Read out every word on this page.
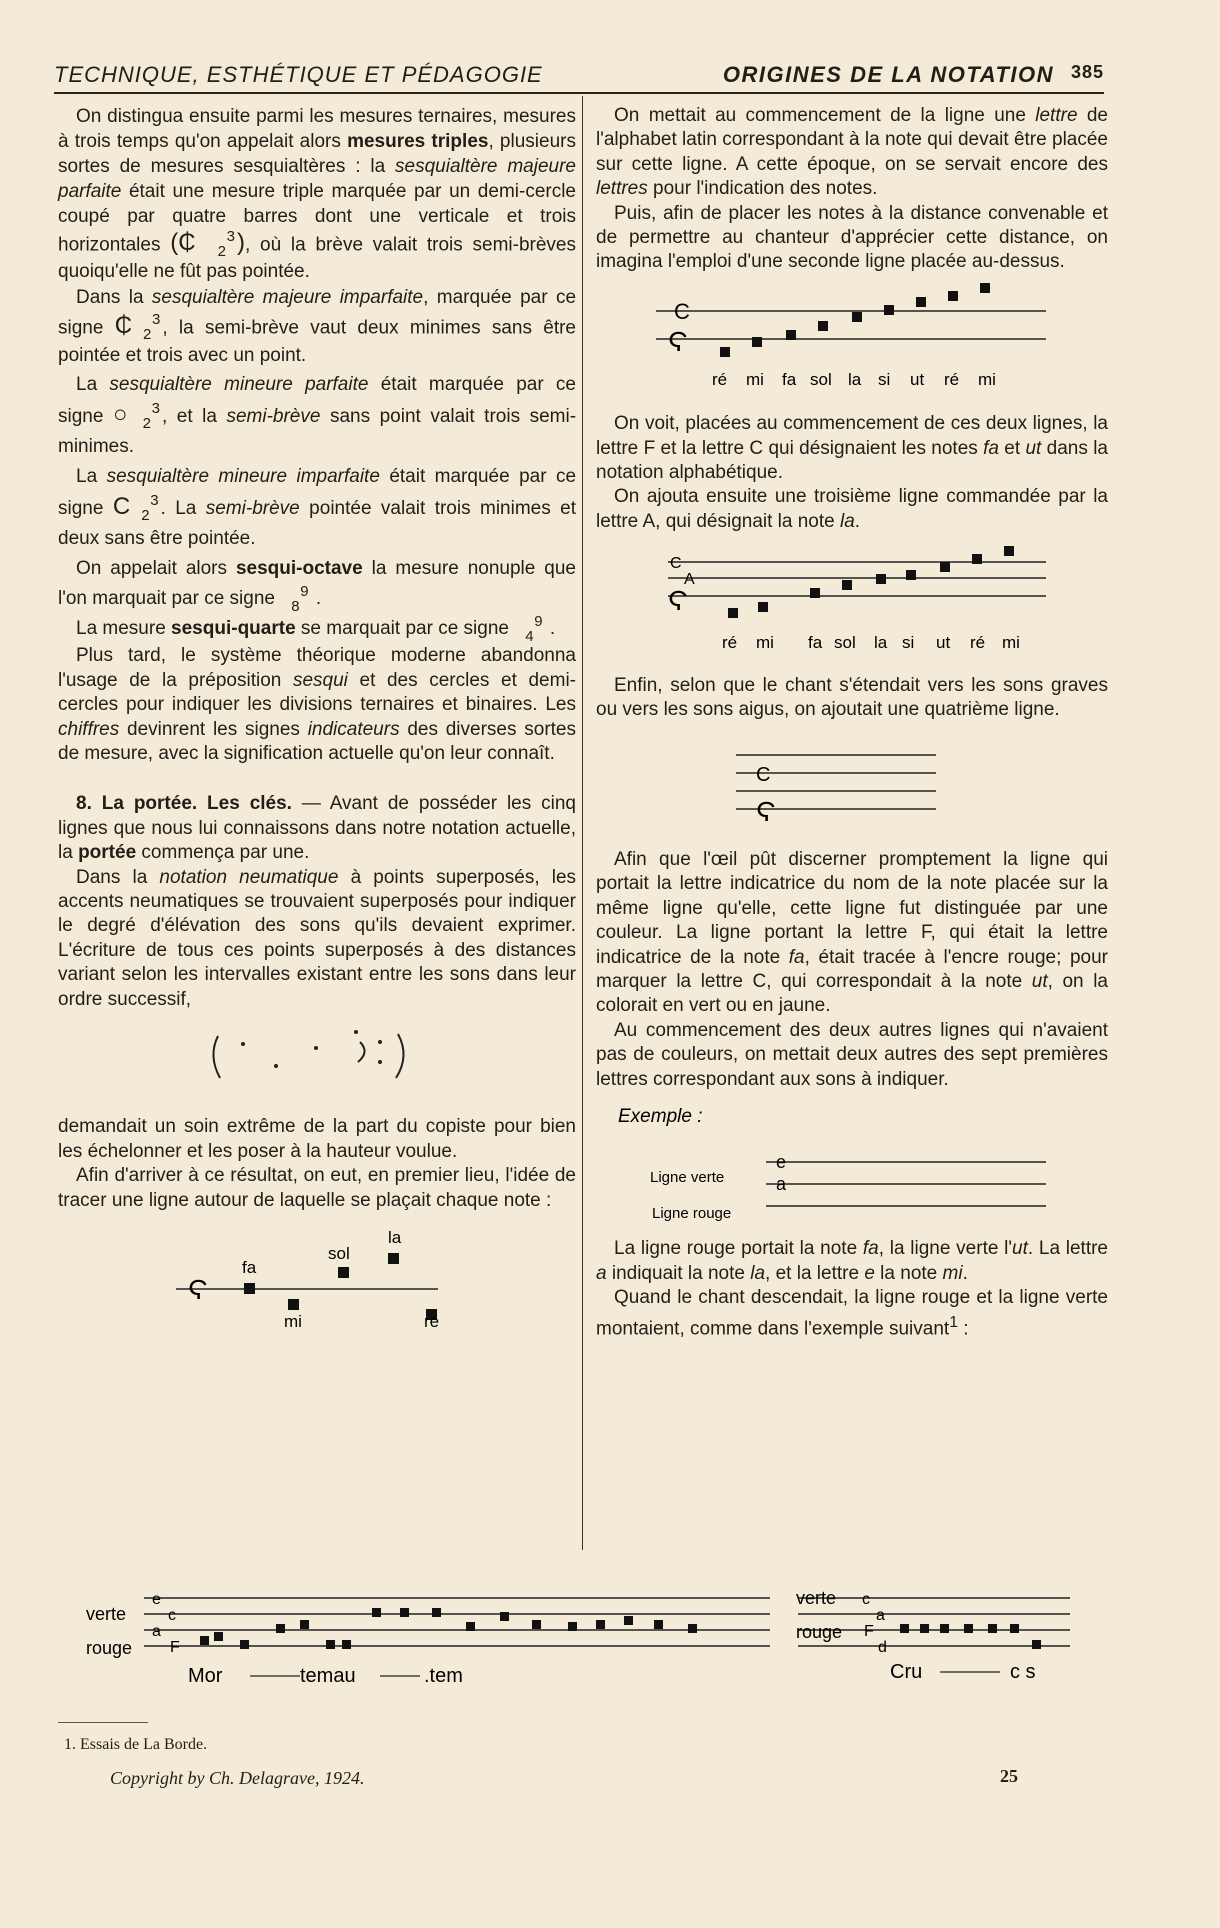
TECHNIQUE, ESTHÉTIQUE ET PÉDAGOGIE	ORIGINES DE LA NOTATION 385

On distingua ensuite parmi les mesures ternaires, mesures à trois temps qu'on appelait alors mesures triples, plusieurs sortes de mesures sesquialtères : la sesquialtère majeure parfaite était une mesure triple marquée par un demi-cercle coupé par quatre barres dont une verticale et trois horizontales (₵ 3
2 ), où la brève valait trois semi-brèves quoiqu'elle ne fût pas pointée.

Dans la sesquialtère majeure imparfaite, marquée par ce signe ₵ 3
2 , la semi-brève vaut deux minimes sans être pointée et trois avec un point.

La sesquialtère mineure parfaite était marquée par ce signe ○ 3
2 , et la semi-brève sans point valait trois semi-minimes.

La sesquialtère mineure imparfaite était marquée par ce signe C 3
2 . La semi-brève pointée valait trois minimes et deux sans être pointée.

On appelait alors sesqui-octave la mesure nonuple que l'on marquait par ce signe 9
8 .

La mesure sesqui-quarte se marquait par ce signe 9
4 .

Plus tard, le système théorique moderne abandonna l'usage de la préposition sesqui et des cercles et demi-cercles pour indiquer les divisions ternaires et binaires. Les chiffres devinrent les signes indicateurs des diverses sortes de mesure, avec la signification actuelle qu'on leur connaît.

8. La portée. Les clés. — Avant de posséder les cinq lignes que nous lui connaissons dans notre notation actuelle, la portée commença par une.

Dans la notation neumatique à points superposés, les accents neumatiques se trouvaient superposés pour indiquer le degré d'élévation des sons qu'ils devaient exprimer. L'écriture de tous ces points superposés à des distances variant selon les intervalles existant entre les sons dans leur ordre successif,

demandait un soin extrême de la part du copiste pour bien les échelonner et les poser à la hauteur voulue.

Afin d'arriver à ce résultat, on eut, en premier lieu, l'idée de tracer une ligne autour de laquelle se plaçait chaque note :

Ϛ
fa
mi
sol
la
ré

On mettait au commencement de la ligne une lettre de l'alphabet latin correspondant à la note qui devait être placée sur cette ligne. A cette époque, on se servait encore des lettres pour l'indication des notes.

Puis, afin de placer les notes à la distance convenable et de permettre au chanteur d'apprécier cette distance, on imagina l'emploi d'une seconde ligne placée au-dessus.

C
Ϛ
ré mi fa sol la si ut ré mi

On voit, placées au commencement de ces deux lignes, la lettre F et la lettre C qui désignaient les notes fa et ut dans la notation alphabétique.

On ajouta ensuite une troisième ligne commandée par la lettre A, qui désignait la note la.

C
A
Ϛ
ré mi fa sol la si ut ré mi

Enfin, selon que le chant s'étendait vers les sons graves ou vers les sons aigus, on ajoutait une quatrième ligne.

C
Ϛ

Afin que l'œil pût discerner promptement la ligne qui portait la lettre indicatrice du nom de la note placée sur la même ligne qu'elle, cette ligne fut distinguée par une couleur. La ligne portant la lettre F, qui était la lettre indicatrice de la note fa, était tracée à l'encre rouge; pour marquer la lettre C, qui correspondait à la note ut, on la colorait en vert ou en jaune.

Au commencement des deux autres lignes qui n'avaient pas de couleurs, on mettait deux autres des sept premières lettres correspondant aux sons à indiquer.

Exemple :
e
a
Ligne verte
Ligne rouge

La ligne rouge portait la note fa, la ligne verte l'ut. La lettre a indiquait la note la, et la lettre e la note mi.

Quand le chant descendait, la ligne rouge et la ligne verte montaient, comme dans l'exemple suivant$^1$ :

e
c
a
F
verte
rouge
Mor	temau	.tem
c
a
F
d
verte
rouge
Cru	c s
1. Essais de La Borde.
Copyright by Ch. Delagrave, 1924.	25
